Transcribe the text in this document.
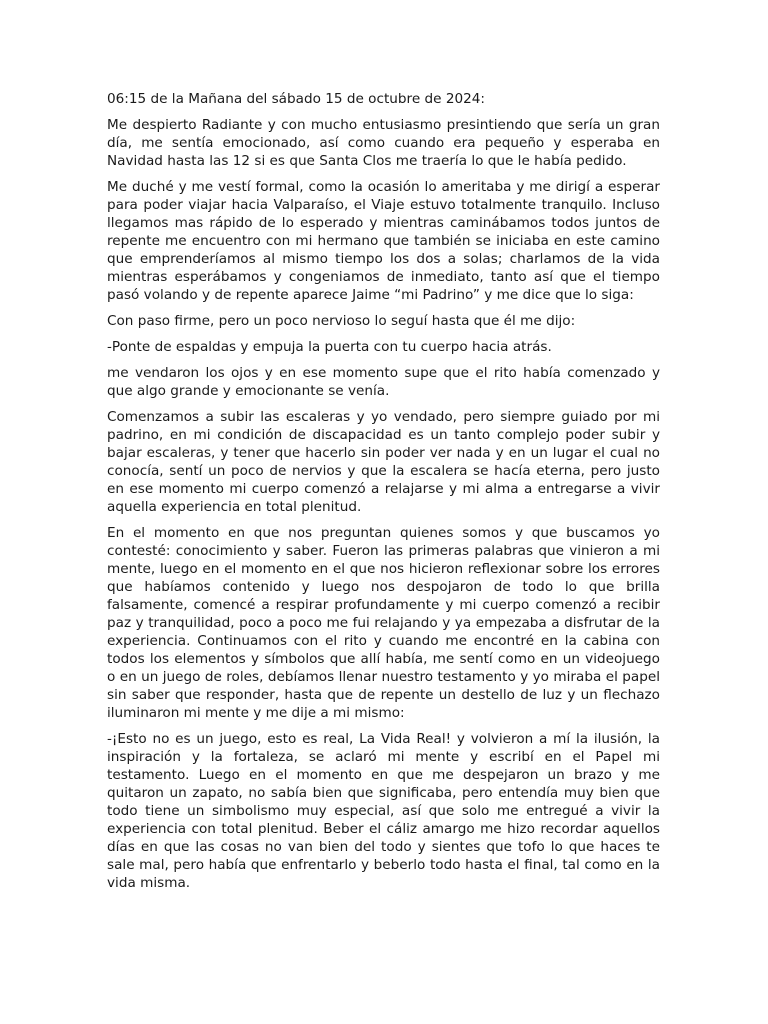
06:15 de la Mañana del sábado 15 de octubre de 2024:

Me despierto Radiante y con mucho entusiasmo presintiendo que sería un gran día, me sentía emocionado, así como cuando era pequeño y esperaba en Navidad hasta las 12 si es que Santa Clos me traería lo que le había pedido.

Me duché y me vestí formal, como la ocasión lo ameritaba y me dirigí a esperar para poder viajar hacia Valparaíso, el Viaje estuvo totalmente tranquilo. Incluso llegamos mas rápido de lo esperado y mientras caminábamos todos juntos de repente me encuentro con mi hermano que también se iniciaba en este camino que emprenderíamos al mismo tiempo los dos a solas; charlamos de la vida mientras esperábamos y congeniamos de inmediato, tanto así que el tiempo pasó volando y de repente aparece Jaime “mi Padrino” y me dice que lo siga:

Con paso firme, pero un poco nervioso lo seguí hasta que él me dijo:

-Ponte de espaldas y empuja la puerta con tu cuerpo hacia atrás.

me vendaron los ojos y en ese momento supe que el rito había comenzado y que algo grande y emocionante se venía.

Comenzamos a subir las escaleras y yo vendado, pero siempre guiado por mi padrino, en mi condición de discapacidad es un tanto complejo poder subir y bajar escaleras, y tener que hacerlo sin poder ver nada y en un lugar el cual no conocía, sentí un poco de nervios y que la escalera se hacía eterna, pero justo en ese momento mi cuerpo comenzó a relajarse y mi alma a entregarse a vivir aquella experiencia en total plenitud.

En el momento en que nos preguntan quienes somos y que buscamos yo contesté: conocimiento y saber. Fueron las primeras palabras que vinieron a mi mente, luego en el momento en el que nos hicieron reflexionar sobre los errores que habíamos contenido y luego nos despojaron de todo lo que brilla falsamente, comencé a respirar profundamente y mi cuerpo comenzó a recibir paz y tranquilidad, poco a poco me fui relajando y ya empezaba a disfrutar de la experiencia. Continuamos con el rito y cuando me encontré en la cabina con todos los elementos y símbolos que allí había, me sentí como en un videojuego o en un juego de roles, debíamos llenar nuestro testamento y yo miraba el papel sin saber que responder, hasta que de repente un destello de luz y un flechazo iluminaron mi mente y me dije a mi mismo:

-¡Esto no es un juego, esto es real, La Vida Real! y volvieron a mí la ilusión, la inspiración y la fortaleza, se aclaró mi mente y escribí en el Papel mi testamento. Luego en el momento en que me despejaron un brazo y me quitaron un zapato, no sabía bien que significaba, pero entendía muy bien que todo tiene un simbolismo muy especial, así que solo me entregué a vivir la experiencia con total plenitud. Beber el cáliz amargo me hizo recordar aquellos días en que las cosas no van bien del todo y sientes que tofo lo que haces te sale mal, pero había que enfrentarlo y beberlo todo hasta el final, tal como en la vida misma.
